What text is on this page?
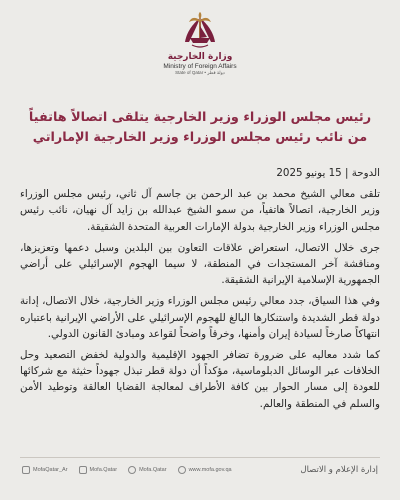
وزارة الخارجية
Ministry of Foreign Affairs
State of Qatar • دولة قطر
رئيس مجلس الوزراء وزير الخارجية يتلقى اتصالاً هاتفياً
من نائب رئيس مجلس الوزراء وزير الخارجية الإماراتي

الدوحة | 15 يونيو 2025

تلقى معالي الشيخ محمد بن عبد الرحمن بن جاسم آل ثاني، رئيس مجلس الوزراء وزير الخارجية، اتصالاً هاتفياً، من سمو الشيخ عبدالله بن زايد آل نهيان، نائب رئيس مجلس الوزراء وزير الخارجية بدولة الإمارات العربية المتحدة الشقيقة.

جرى خلال الاتصال، استعراض علاقات التعاون بين البلدين وسبل دعمها وتعزيزها، ومناقشة آخر المستجدات في المنطقة، لا سيما الهجوم الإسرائيلي على أراضي الجمهورية الإسلامية الإيرانية الشقيقة.

وفي هذا السياق، جدد معالي رئيس مجلس الوزراء وزير الخارجية، خلال الاتصال، إدانة دولة قطر الشديدة واستنكارها البالغ للهجوم الإسرائيلي على الأراضي الإيرانية باعتباره انتهاكاً صارخاً لسيادة إيران وأمنها، وخرقاً واضحاً لقواعد ومبادئ القانون الدولي.

كما شدد معاليه على ضرورة تضافر الجهود الإقليمية والدولية لخفض التصعيد وحل الخلافات عبر الوسائل الدبلوماسية، مؤكداً أن دولة قطر تبذل جهوداً حثيثة مع شركائها للعودة إلى مسار الحوار بين كافة الأطراف لمعالجة القضايا العالقة وتوطيد الأمن والسلم في المنطقة والعالم.

إدارة الإعلام و الاتصال
MofaQatar_Ar	Mofa.Qatar	Mofa.Qatar	www.mofa.gov.qa
